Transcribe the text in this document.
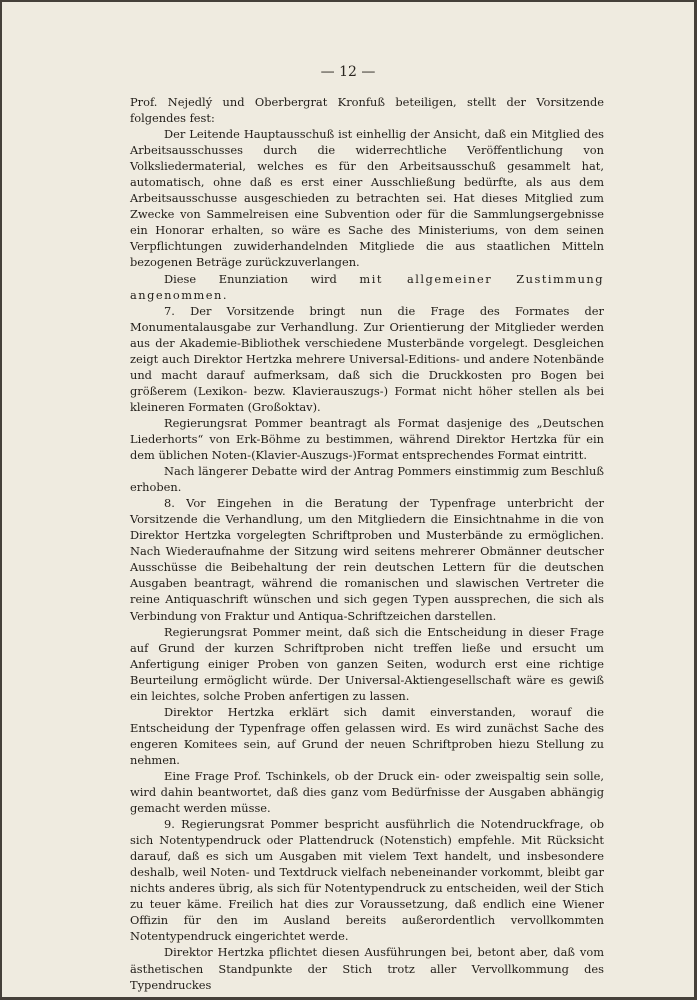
— 12 —

Prof. Nejedlý und Oberbergrat Kronfuß beteiligen, stellt der Vorsitzende folgendes fest:

Der Leitende Hauptausschuß ist einhellig der Ansicht, daß ein Mitglied des Arbeitsausschusses durch die widerrechtliche Veröffentlichung von Volksliedermaterial, welches es für den Arbeitsausschuß gesammelt hat, automatisch, ohne daß es erst einer Ausschließung bedürfte, als aus dem Arbeitsausschusse ausgeschieden zu betrachten sei. Hat dieses Mitglied zum Zwecke von Sammelreisen eine Subvention oder für die Sammlungsergebnisse ein Honorar erhalten, so wäre es Sache des Ministeriums, von dem seinen Verpflichtungen zuwiderhandelnden Mitgliede die aus staatlichen Mitteln bezogenen Beträge zurückzuverlangen.

Diese Enunziation wird mit allgemeiner Zustimmung angenommen.

7. Der Vorsitzende bringt nun die Frage des Formates der Monumentalausgabe zur Verhandlung. Zur Orientierung der Mitglieder werden aus der Akademie-Bibliothek verschiedene Musterbände vorgelegt. Desgleichen zeigt auch Direktor Hertzka mehrere Universal-Editions- und andere Notenbände und macht darauf aufmerksam, daß sich die Druckkosten pro Bogen bei größerem (Lexikon- bezw. Klavierauszugs-) Format nicht höher stellen als bei kleineren Formaten (Großoktav).

Regierungsrat Pommer beantragt als Format dasjenige des „Deutschen Liederhorts“ von Erk-Böhme zu bestimmen, während Direktor Hertzka für ein dem üblichen Noten-(Klavier-Auszugs-)Format entsprechendes Format eintritt.

Nach längerer Debatte wird der Antrag Pommers einstimmig zum Beschluß erhoben.

8. Vor Eingehen in die Beratung der Typenfrage unterbricht der Vorsitzende die Verhandlung, um den Mitgliedern die Einsichtnahme in die von Direktor Hertzka vorgelegten Schriftproben und Musterbände zu ermöglichen. Nach Wiederaufnahme der Sitzung wird seitens mehrerer Obmänner deutscher Ausschüsse die Beibehaltung der rein deutschen Lettern für die deutschen Ausgaben beantragt, während die romanischen und slawischen Vertreter die reine Antiquaschrift wünschen und sich gegen Typen aussprechen, die sich als Verbindung von Fraktur und Antiqua-Schriftzeichen darstellen.

Regierungsrat Pommer meint, daß sich die Entscheidung in dieser Frage auf Grund der kurzen Schriftproben nicht treffen ließe und ersucht um Anfertigung einiger Proben von ganzen Seiten, wodurch erst eine richtige Beurteilung ermöglicht würde. Der Universal-Aktiengesellschaft wäre es gewiß ein leichtes, solche Proben anfertigen zu lassen.

Direktor Hertzka erklärt sich damit einverstanden, worauf die Entscheidung der Typenfrage offen gelassen wird. Es wird zunächst Sache des engeren Komitees sein, auf Grund der neuen Schriftproben hiezu Stellung zu nehmen.

Eine Frage Prof. Tschinkels, ob der Druck ein- oder zweispaltig sein solle, wird dahin beantwortet, daß dies ganz vom Bedürfnisse der Ausgaben abhängig gemacht werden müsse.

9. Regierungsrat Pommer bespricht ausführlich die Notendruckfrage, ob sich Notentypendruck oder Plattendruck (Notenstich) empfehle. Mit Rücksicht darauf, daß es sich um Ausgaben mit vielem Text handelt, und insbesondere deshalb, weil Noten- und Textdruck vielfach nebeneinander vorkommt, bleibt gar nichts anderes übrig, als sich für Notentypendruck zu entscheiden, weil der Stich zu teuer käme. Freilich hat dies zur Voraussetzung, daß endlich eine Wiener Offizin für den im Ausland bereits außerordentlich vervollkommten Notentypendruck eingerichtet werde.

Direktor Hertzka pflichtet diesen Ausführungen bei, betont aber, daß vom ästhetischen Standpunkte der Stich trotz aller Vervollkommung des Typendruckes
